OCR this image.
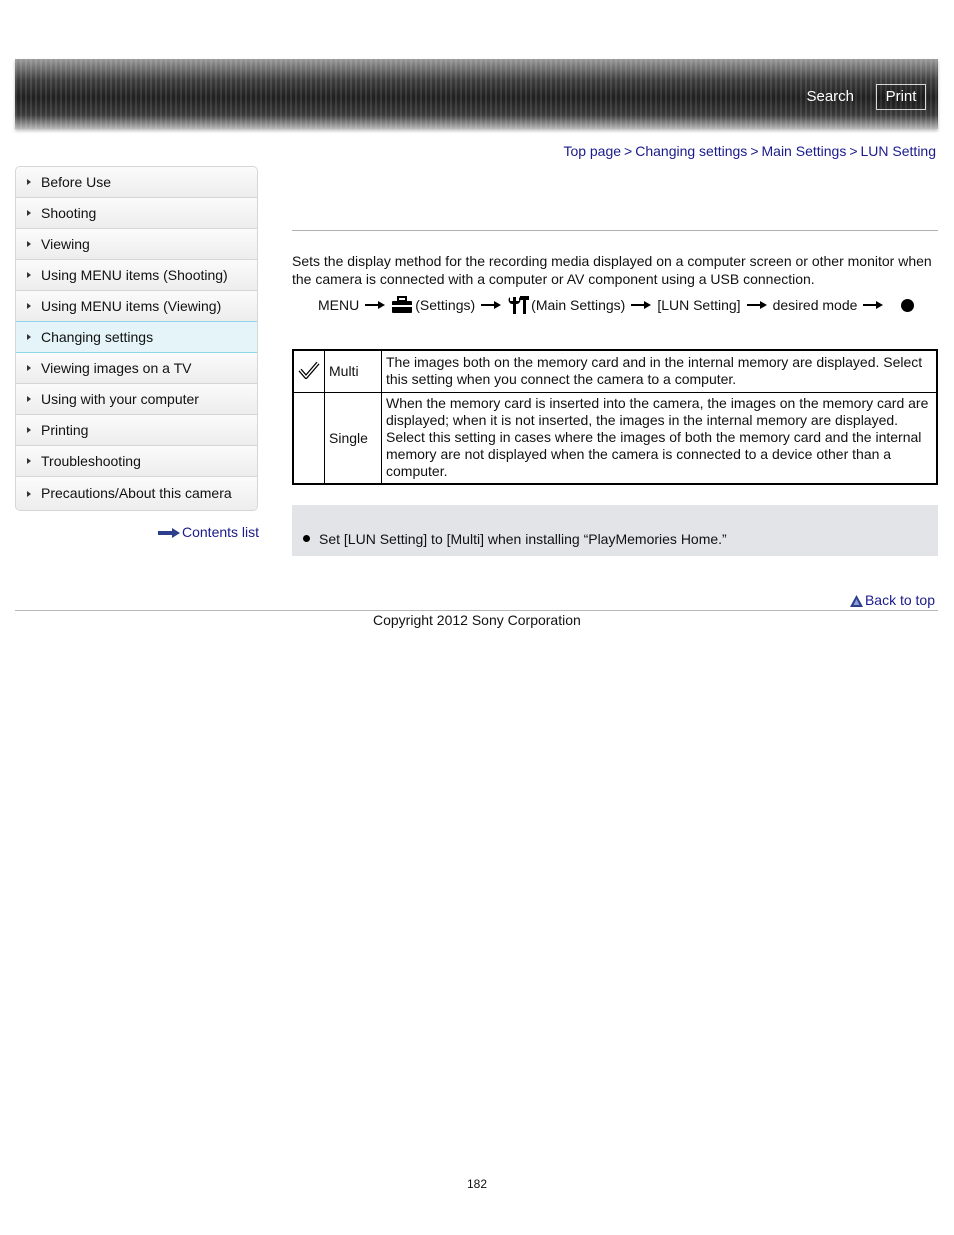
Search	Print
Top page > Changing settings > Main Settings > LUN Setting
Before Use
Shooting
Viewing
Using MENU items (Shooting)
Using MENU items (Viewing)
Changing settings
Viewing images on a TV
Using with your computer
Printing
Troubleshooting
Precautions/About this camera
Contents list
Sets the display method for the recording media displayed on a computer screen or other monitor when the camera is connected with a computer or AV component using a USB connection.
MENU	(Settings)	(Main Settings) [LUN Setting] desired mode
	Multi	The images both on the memory card and in the internal memory are displayed. Select this setting when you connect the camera to a computer.
	Single	When the memory card is inserted into the camera, the images on the memory card are displayed; when it is not inserted, the images in the internal memory are displayed. Select this setting in cases where the images of both the memory card and the internal memory are not displayed when the camera is connected to a device other than a computer.
Set [LUN Setting] to [Multi] when installing “PlayMemories Home.”
Back to top
Copyright 2012 Sony Corporation
182
